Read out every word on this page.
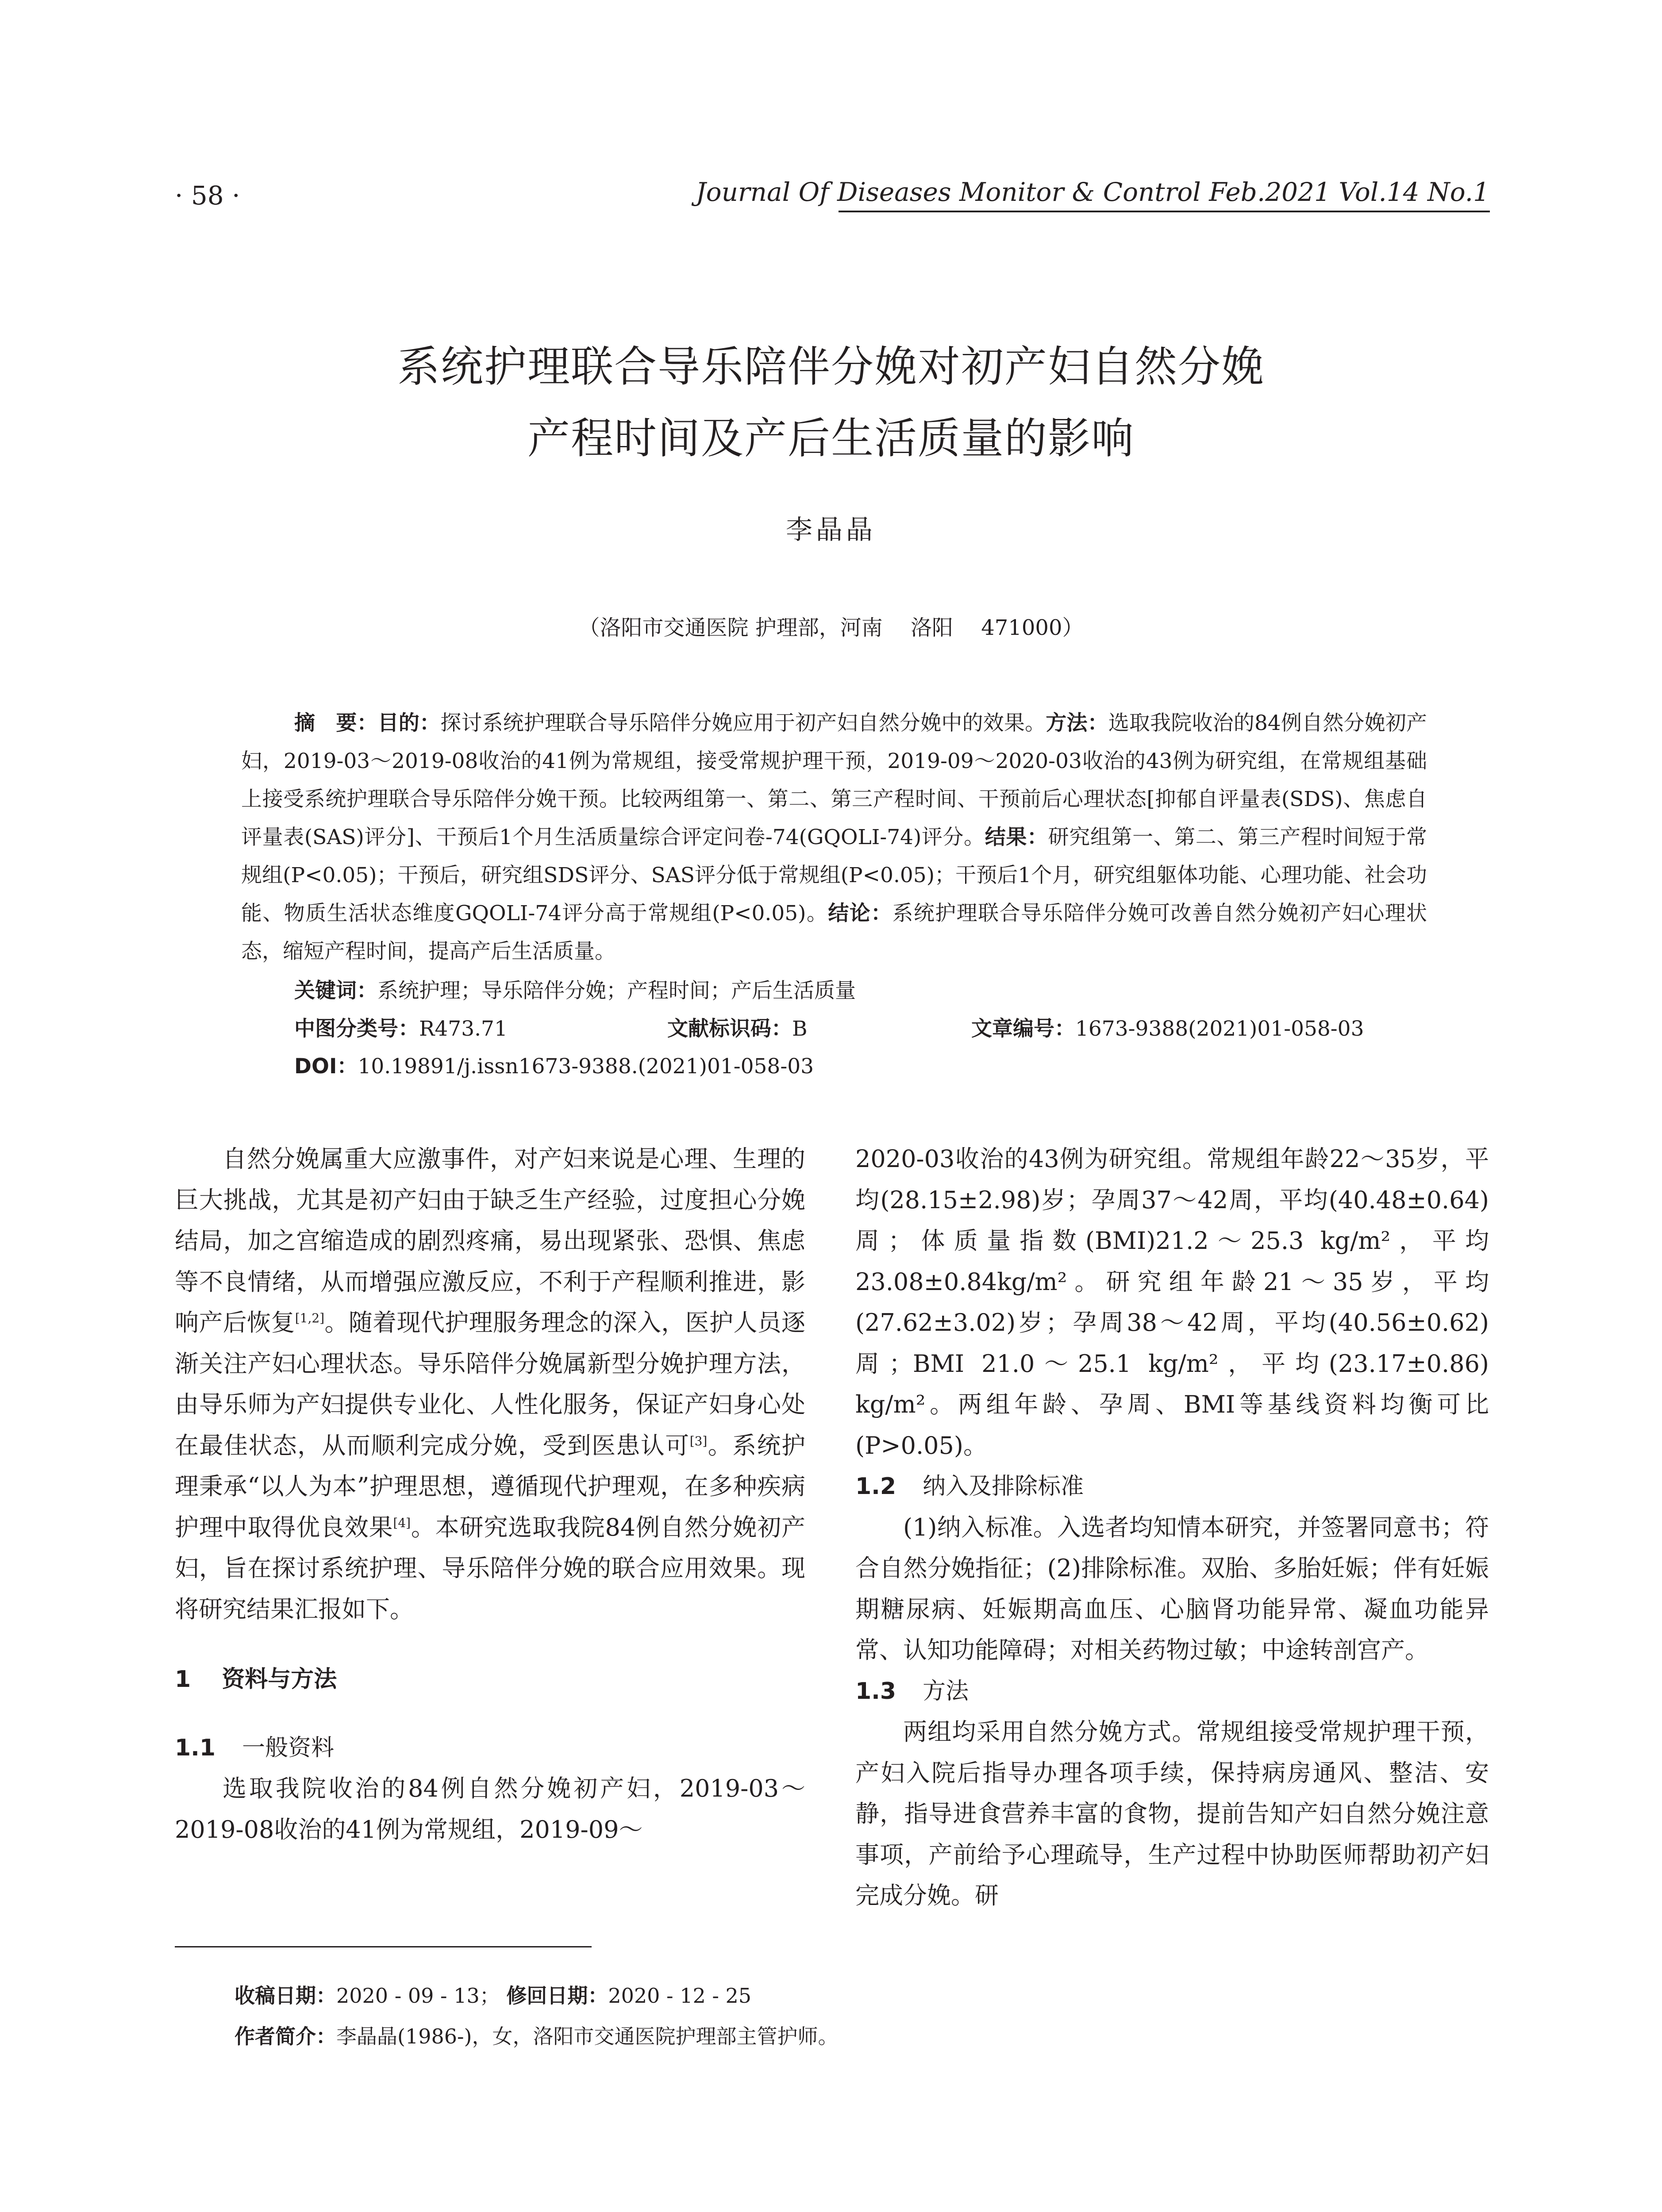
· 58 ·	Journal Of Diseases Monitor & Control Feb.2021 Vol.14 No.1
系统护理联合导乐陪伴分娩对初产妇自然分娩
产程时间及产后生活质量的影响
李晶晶
（洛阳市交通医院 护理部，河南　 洛阳　 471000）

摘　要：目的：探讨系统护理联合导乐陪伴分娩应用于初产妇自然分娩中的效果。方法：选取我院收治的84例自然分娩初产妇，2019-03～2019-08收治的41例为常规组，接受常规护理干预，2019-09～2020-03收治的43例为研究组，在常规组基础上接受系统护理联合导乐陪伴分娩干预。比较两组第一、第二、第三产程时间、干预前后心理状态[抑郁自评量表(SDS)、焦虑自评量表(SAS)评分]、干预后1个月生活质量综合评定问卷-74(GQOLI-74)评分。结果：研究组第一、第二、第三产程时间短于常规组(P<0.05)；干预后，研究组SDS评分、SAS评分低于常规组(P<0.05)；干预后1个月，研究组躯体功能、心理功能、社会功能、物质生活状态维度GQOLI-74评分高于常规组(P<0.05)。结论：系统护理联合导乐陪伴分娩可改善自然分娩初产妇心理状态，缩短产程时间，提高产后生活质量。

关键词：系统护理；导乐陪伴分娩；产程时间；产后生活质量
中图分类号：R473.71	文献标识码：B	文章编号：1673-9388(2021)01-058-03
DOI：10.19891/j.issn1673-9388.(2021)01-058-03

自然分娩属重大应激事件，对产妇来说是心理、生理的巨大挑战，尤其是初产妇由于缺乏生产经验，过度担心分娩结局，加之宫缩造成的剧烈疼痛，易出现紧张、恐惧、焦虑等不良情绪，从而增强应激反应，不利于产程顺利推进，影响产后恢复[1,2]。随着现代护理服务理念的深入，医护人员逐渐关注产妇心理状态。导乐陪伴分娩属新型分娩护理方法，由导乐师为产妇提供专业化、人性化服务，保证产妇身心处在最佳状态，从而顺利完成分娩，受到医患认可[3]。系统护理秉承“以人为本”护理思想，遵循现代护理观，在多种疾病护理中取得优良效果[4]。本研究选取我院84例自然分娩初产妇，旨在探讨系统护理、导乐陪伴分娩的联合应用效果。现将研究结果汇报如下。

1　 资料与方法

1.1 一般资料

选取我院收治的84例自然分娩初产妇，2019-03～2019-08收治的41例为常规组，2019-09～

2020-03收治的43例为研究组。常规组年龄22～35岁，平均(28.15±2.98)岁；孕周37～42周，平均(40.48±0.64)周；体质量指数(BMI)21.2～25.3 kg/m²，平均23.08±0.84kg/m²。研究组年龄21～35岁，平均(27.62±3.02)岁；孕周38～42周，平均(40.56±0.62)周；BMI 21.0～25.1 kg/m²，平均(23.17±0.86) kg/m²。两组年龄、孕周、BMI等基线资料均衡可比(P>0.05)。

1.2 纳入及排除标准

(1)纳入标准。入选者均知情本研究，并签署同意书；符合自然分娩指征；(2)排除标准。双胎、多胎妊娠；伴有妊娠期糖尿病、妊娠期高血压、心脑肾功能异常、凝血功能异常、认知功能障碍；对相关药物过敏；中途转剖宫产。

1.3 方法

两组均采用自然分娩方式。常规组接受常规护理干预，产妇入院后指导办理各项手续，保持病房通风、整洁、安静，指导进食营养丰富的食物，提前告知产妇自然分娩注意事项，产前给予心理疏导，生产过程中协助医师帮助初产妇完成分娩。研

收稿日期：2020 - 09 - 13； 修回日期：2020 - 12 - 25
作者简介：李晶晶(1986-)，女，洛阳市交通医院护理部主管护师。
